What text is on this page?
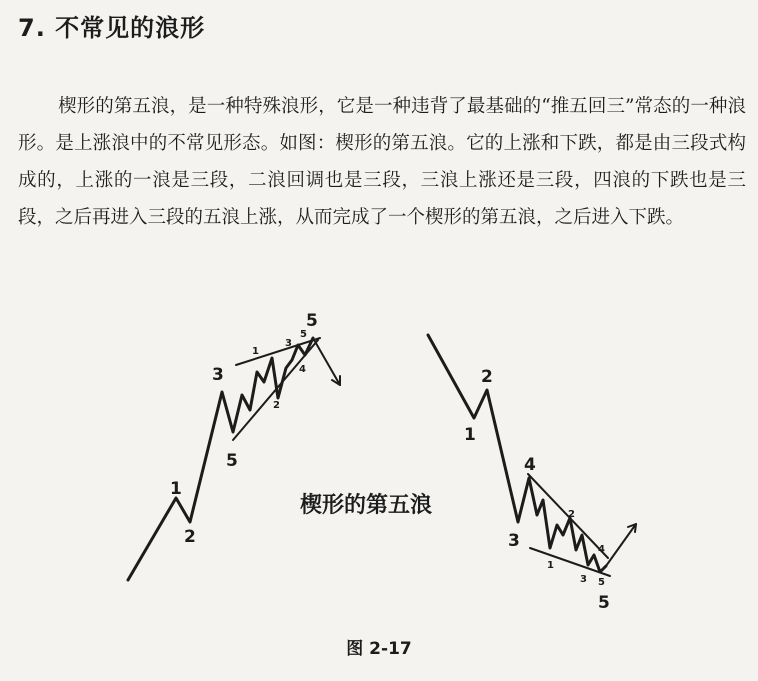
7. 不常见的浪形
楔形的第五浪，是一种特殊浪形，它是一种违背了最基础的“推五回三”常态的一种浪形。是上涨浪中的不常见形态。如图：楔形的第五浪。它的上涨和下跌，都是由三段式构成的，上涨的一浪是三段，二浪回调也是三段，三浪上涨还是三段，四浪的下跌也是三段，之后再进入三段的五浪上涨，从而完成了一个楔形的第五浪，之后进入下跌。
1
2
3
5
5
1
2
3
4
5
楔形的第五浪
1
2
3
4
5
1
2
3
4
5
图 2-17
